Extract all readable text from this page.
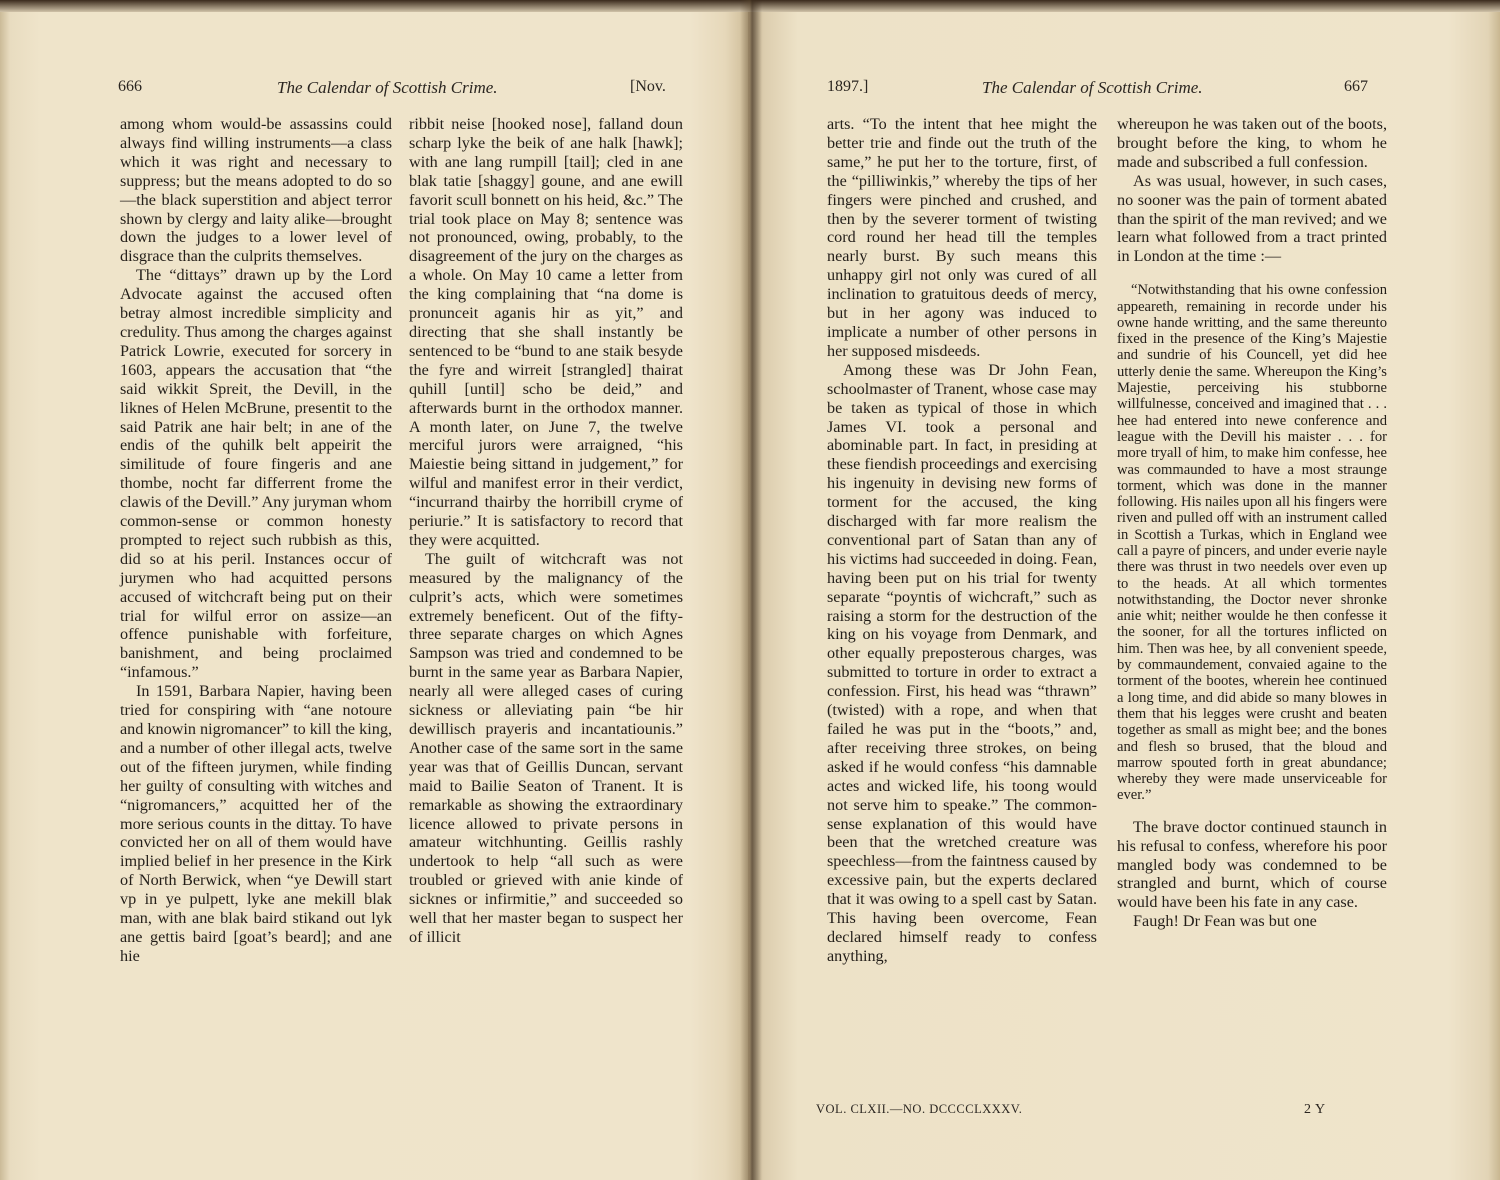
666	The Calendar of Scottish Crime.	[Nov.

among whom would-be assassins could always find willing instruments—a class which it was right and necessary to suppress; but the means adopted to do so—the black superstition and abject terror shown by clergy and laity alike—brought down the judges to a lower level of disgrace than the culprits themselves.

The “dittays” drawn up by the Lord Advocate against the accused often betray almost incredible simplicity and credulity. Thus among the charges against Patrick Lowrie, executed for sorcery in 1603, appears the accusation that “the said wikkit Spreit, the Devill, in the liknes of Helen McBrune, presentit to the said Patrik ane hair belt; in ane of the endis of the quhilk belt appeirit the similitude of foure fingeris and ane thombe, nocht far differrent frome the clawis of the Devill.” Any juryman whom common-sense or common honesty prompted to reject such rubbish as this, did so at his peril. Instances occur of jurymen who had acquitted persons accused of witchcraft being put on their trial for wilful error on assize—an offence punishable with forfeiture, banishment, and being proclaimed “infamous.”

In 1591, Barbara Napier, having been tried for conspiring with “ane notoure and knowin nigromancer” to kill the king, and a number of other illegal acts, twelve out of the fifteen jurymen, while finding her guilty of consulting with witches and “nigromancers,” acquitted her of the more serious counts in the dittay. To have convicted her on all of them would have implied belief in her presence in the Kirk of North Berwick, when “ye Dewill start vp in ye pulpett, lyke ane mekill blak man, with ane blak baird stikand out lyk ane gettis baird [goat’s beard]; and ane hie

ribbit neise [hooked nose], falland doun scharp lyke the beik of ane halk [hawk]; with ane lang rumpill [tail]; cled in ane blak tatie [shaggy] goune, and ane ewill favorit scull bonnett on his heid, &c.” The trial took place on May 8; sentence was not pronounced, owing, probably, to the disagreement of the jury on the charges as a whole. On May 10 came a letter from the king complaining that “na dome is pronunceit aganis hir as yit,” and directing that she shall instantly be sentenced to be “bund to ane staik besyde the fyre and wirreit [strangled] thairat quhill [until] scho be deid,” and afterwards burnt in the orthodox manner. A month later, on June 7, the twelve merciful jurors were arraigned, “his Maiestie being sittand in judgement,” for wilful and manifest error in their verdict, “incurrand thairby the horribill cryme of periurie.” It is satisfactory to record that they were acquitted.

The guilt of witchcraft was not measured by the malignancy of the culprit’s acts, which were sometimes extremely beneficent. Out of the fifty-three separate charges on which Agnes Sampson was tried and condemned to be burnt in the same year as Barbara Napier, nearly all were alleged cases of curing sickness or alleviating pain “be hir dewillisch prayeris and incantatiounis.” Another case of the same sort in the same year was that of Geillis Duncan, servant maid to Bailie Seaton of Tranent. It is remarkable as showing the extraordinary licence allowed to private persons in amateur witchhunting. Geillis rashly undertook to help “all such as were troubled or grieved with anie kinde of sicknes or infirmitie,” and succeeded so well that her master began to suspect her of illicit

1897.]	The Calendar of Scottish Crime.	667

arts. “To the intent that hee might the better trie and finde out the truth of the same,” he put her to the torture, first, of the “pilliwinkis,” whereby the tips of her fingers were pinched and crushed, and then by the severer torment of twisting cord round her head till the temples nearly burst. By such means this unhappy girl not only was cured of all inclination to gratuitous deeds of mercy, but in her agony was induced to implicate a number of other persons in her supposed misdeeds.

Among these was Dr John Fean, schoolmaster of Tranent, whose case may be taken as typical of those in which James VI. took a personal and abominable part. In fact, in presiding at these fiendish proceedings and exercising his ingenuity in devising new forms of torment for the accused, the king discharged with far more realism the conventional part of Satan than any of his victims had succeeded in doing. Fean, having been put on his trial for twenty separate “poyntis of wichcraft,” such as raising a storm for the destruction of the king on his voyage from Denmark, and other equally preposterous charges, was submitted to torture in order to extract a confession. First, his head was “thrawn” (twisted) with a rope, and when that failed he was put in the “boots,” and, after receiving three strokes, on being asked if he would confess “his damnable actes and wicked life, his toong would not serve him to speake.” The common-sense explanation of this would have been that the wretched creature was speechless—from the faintness caused by excessive pain, but the experts declared that it was owing to a spell cast by Satan. This having been overcome, Fean declared himself ready to confess anything,

whereupon he was taken out of the boots, brought before the king, to whom he made and subscribed a full confession.

As was usual, however, in such cases, no sooner was the pain of torment abated than the spirit of the man revived; and we learn what followed from a tract printed in London at the time :—

“Notwithstanding that his owne confession appeareth, remaining in recorde under his owne hande writting, and the same thereunto fixed in the presence of the King’s Majestie and sundrie of his Councell, yet did hee utterly denie the same. Whereupon the King’s Majestie, perceiving his stubborne willfulnesse, conceived and imagined that . . . hee had entered into newe conference and league with the Devill his maister . . . for more tryall of him, to make him confesse, hee was commaunded to have a most straunge torment, which was done in the manner following. His nailes upon all his fingers were riven and pulled off with an instrument called in Scottish a Turkas, which in England wee call a payre of pincers, and under everie nayle there was thrust in two needels over even up to the heads. At all which tormentes notwithstanding, the Doctor never shronke anie whit; neither woulde he then confesse it the sooner, for all the tortures inflicted on him. Then was hee, by all convenient speede, by commaundement, convaied againe to the torment of the bootes, wherein hee continued a long time, and did abide so many blowes in them that his legges were crusht and beaten together as small as might bee; and the bones and flesh so brused, that the bloud and marrow spouted forth in great abundance; whereby they were made unserviceable for ever.”

The brave doctor continued staunch in his refusal to confess, wherefore his poor mangled body was condemned to be strangled and burnt, which of course would have been his fate in any case.

Faugh! Dr Fean was but one

VOL. CLXII.—NO. DCCCCLXXXV.	2 Y
